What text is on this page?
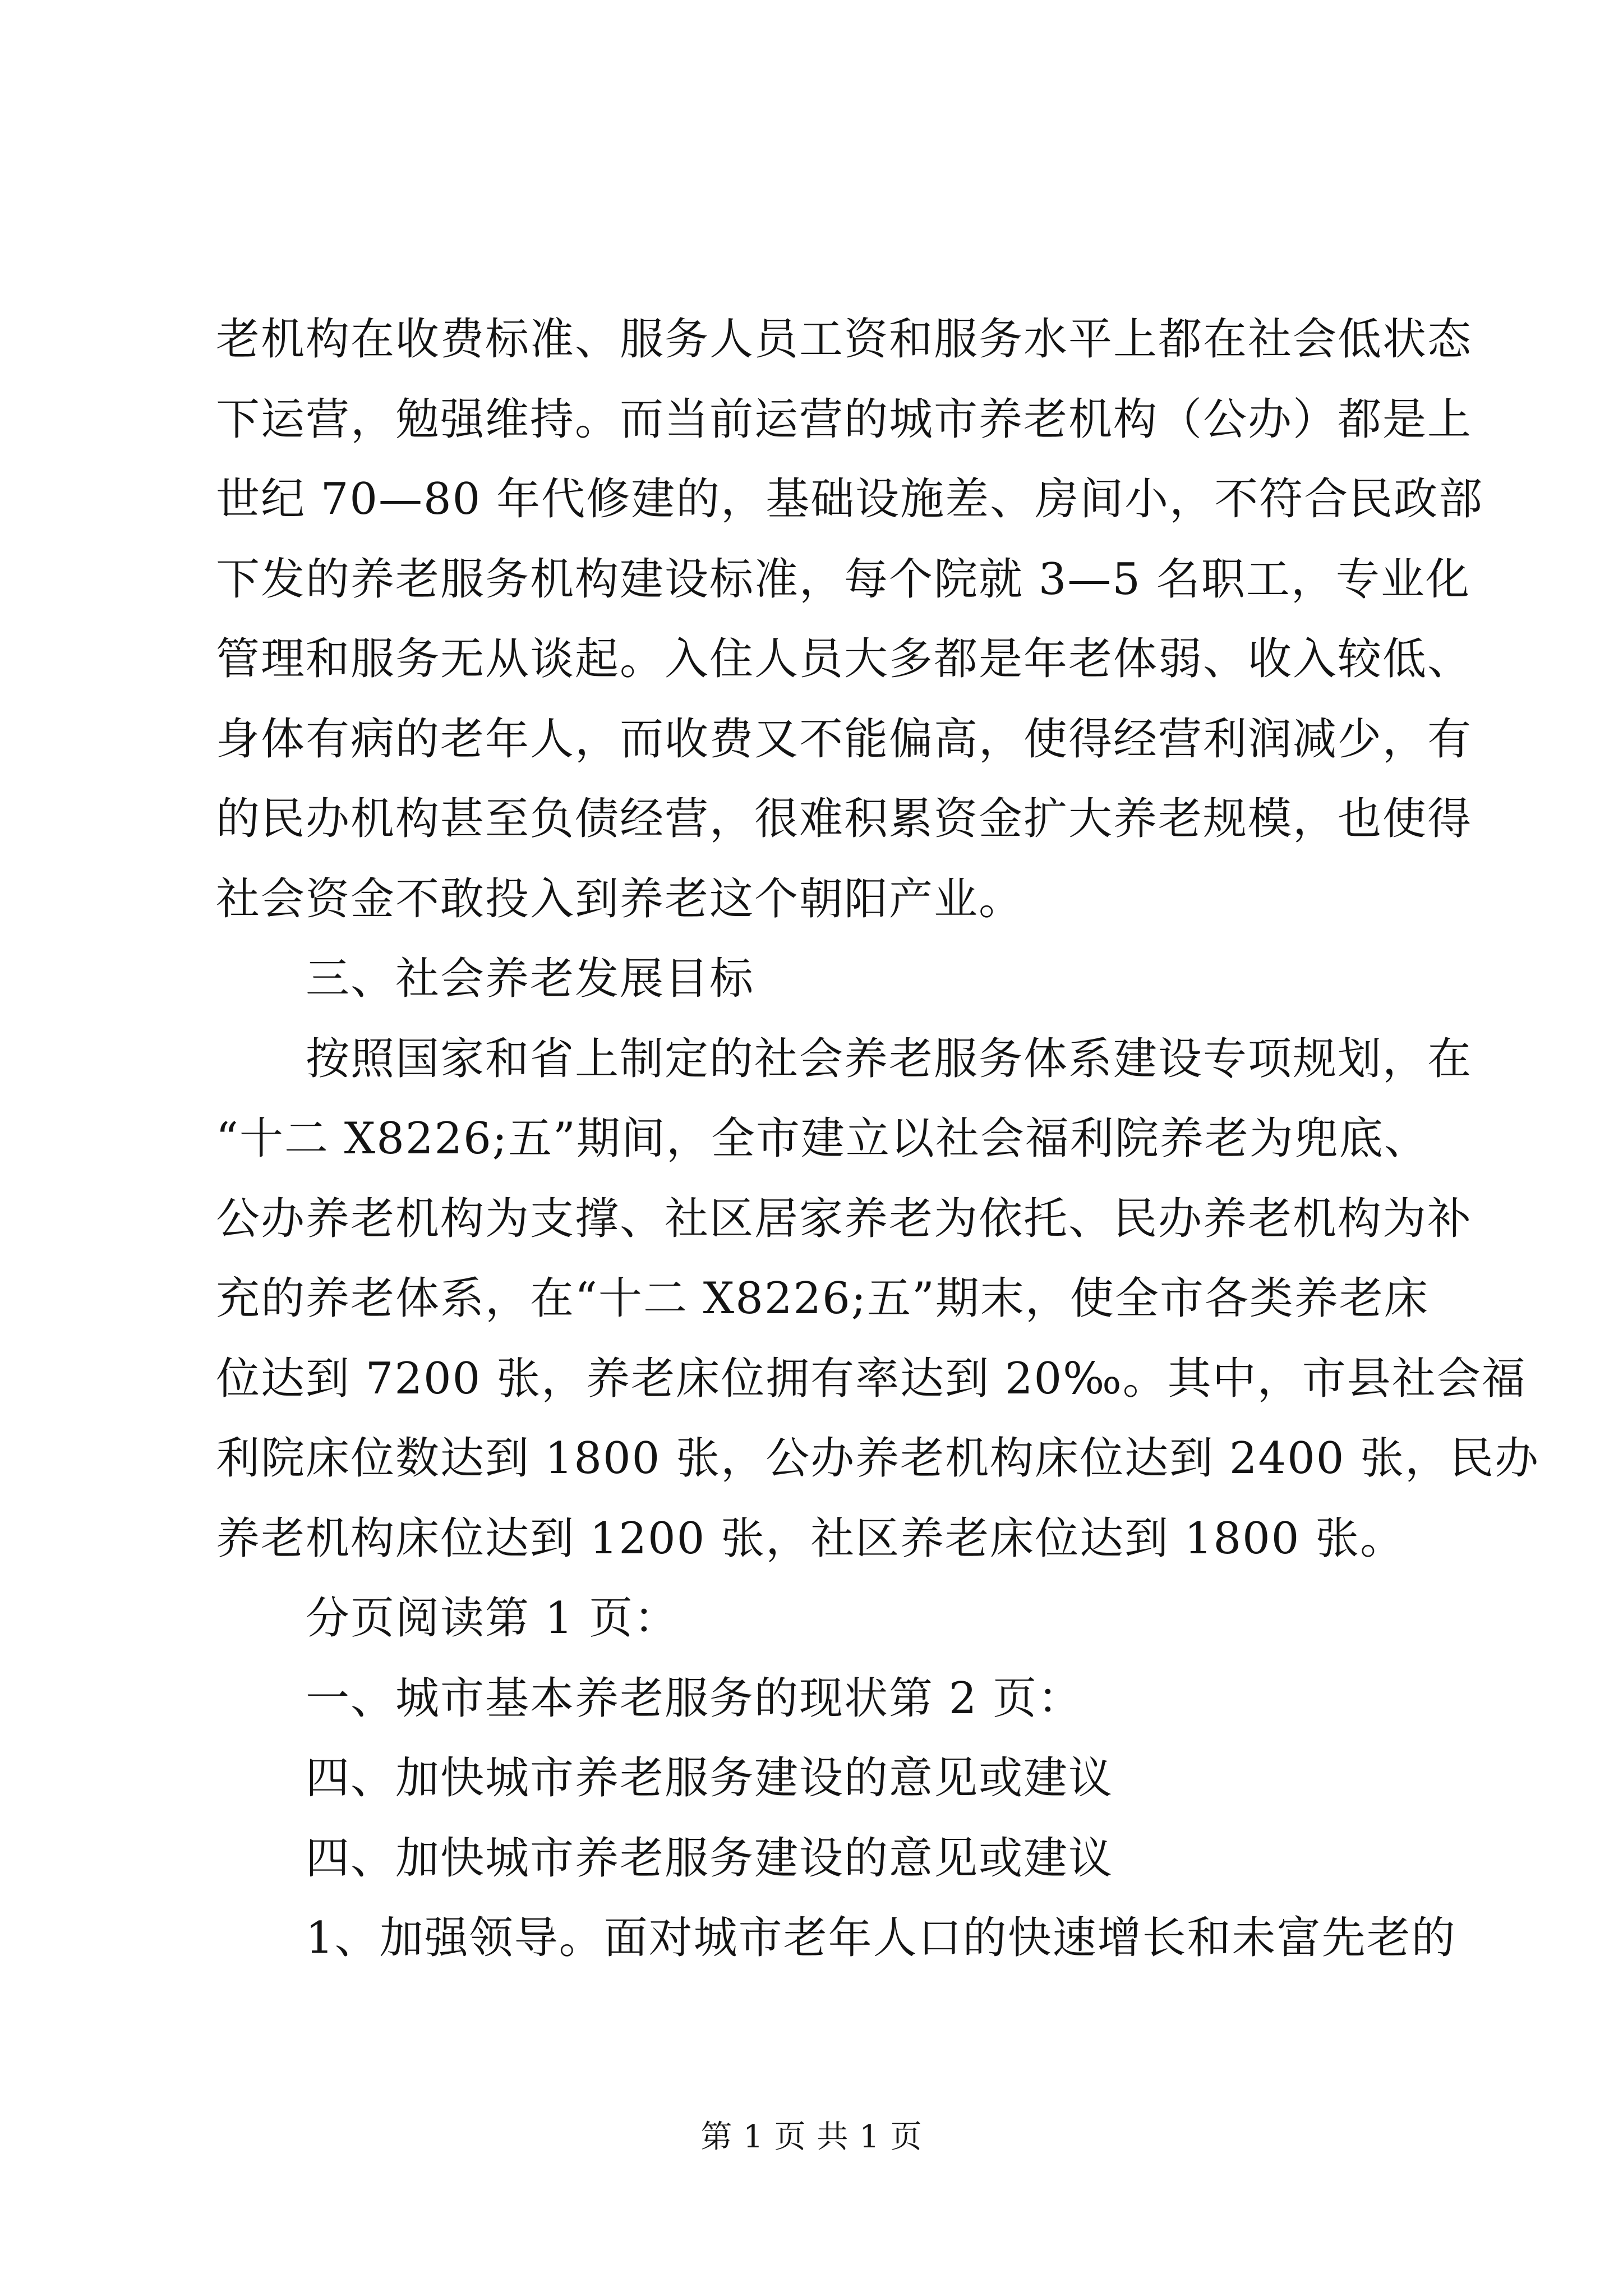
老机构在收费标准、服务人员工资和服务水平上都在社会低状态
下运营，勉强维持。而当前运营的城市养老机构（公办）都是上
世纪 70—80 年代修建的，基础设施差、房间小，不符合民政部
下发的养老服务机构建设标准，每个院就 3—5 名职工，专业化
管理和服务无从谈起。入住人员大多都是年老体弱、收入较低、
身体有病的老年人，而收费又不能偏高，使得经营利润减少，有
的民办机构甚至负债经营，很难积累资金扩大养老规模，也使得
社会资金不敢投入到养老这个朝阳产业。
三、社会养老发展目标
按照国家和省上制定的社会养老服务体系建设专项规划，在
“十二 X8226;五”期间，全市建立以社会福利院养老为兜底、
公办养老机构为支撑、社区居家养老为依托、民办养老机构为补
充的养老体系，在“十二 X8226;五”期末，使全市各类养老床
位达到 7200 张，养老床位拥有率达到 20‰。其中，市县社会福
利院床位数达到 1800 张，公办养老机构床位达到 2400 张，民办
养老机构床位达到 1200 张，社区养老床位达到 1800 张。
分页阅读第 1 页：
一、城市基本养老服务的现状第 2 页：
四、加快城市养老服务建设的意见或建议
四、加快城市养老服务建设的意见或建议
1、加强领导。面对城市老年人口的快速增长和未富先老的
第 1 页 共 1 页
